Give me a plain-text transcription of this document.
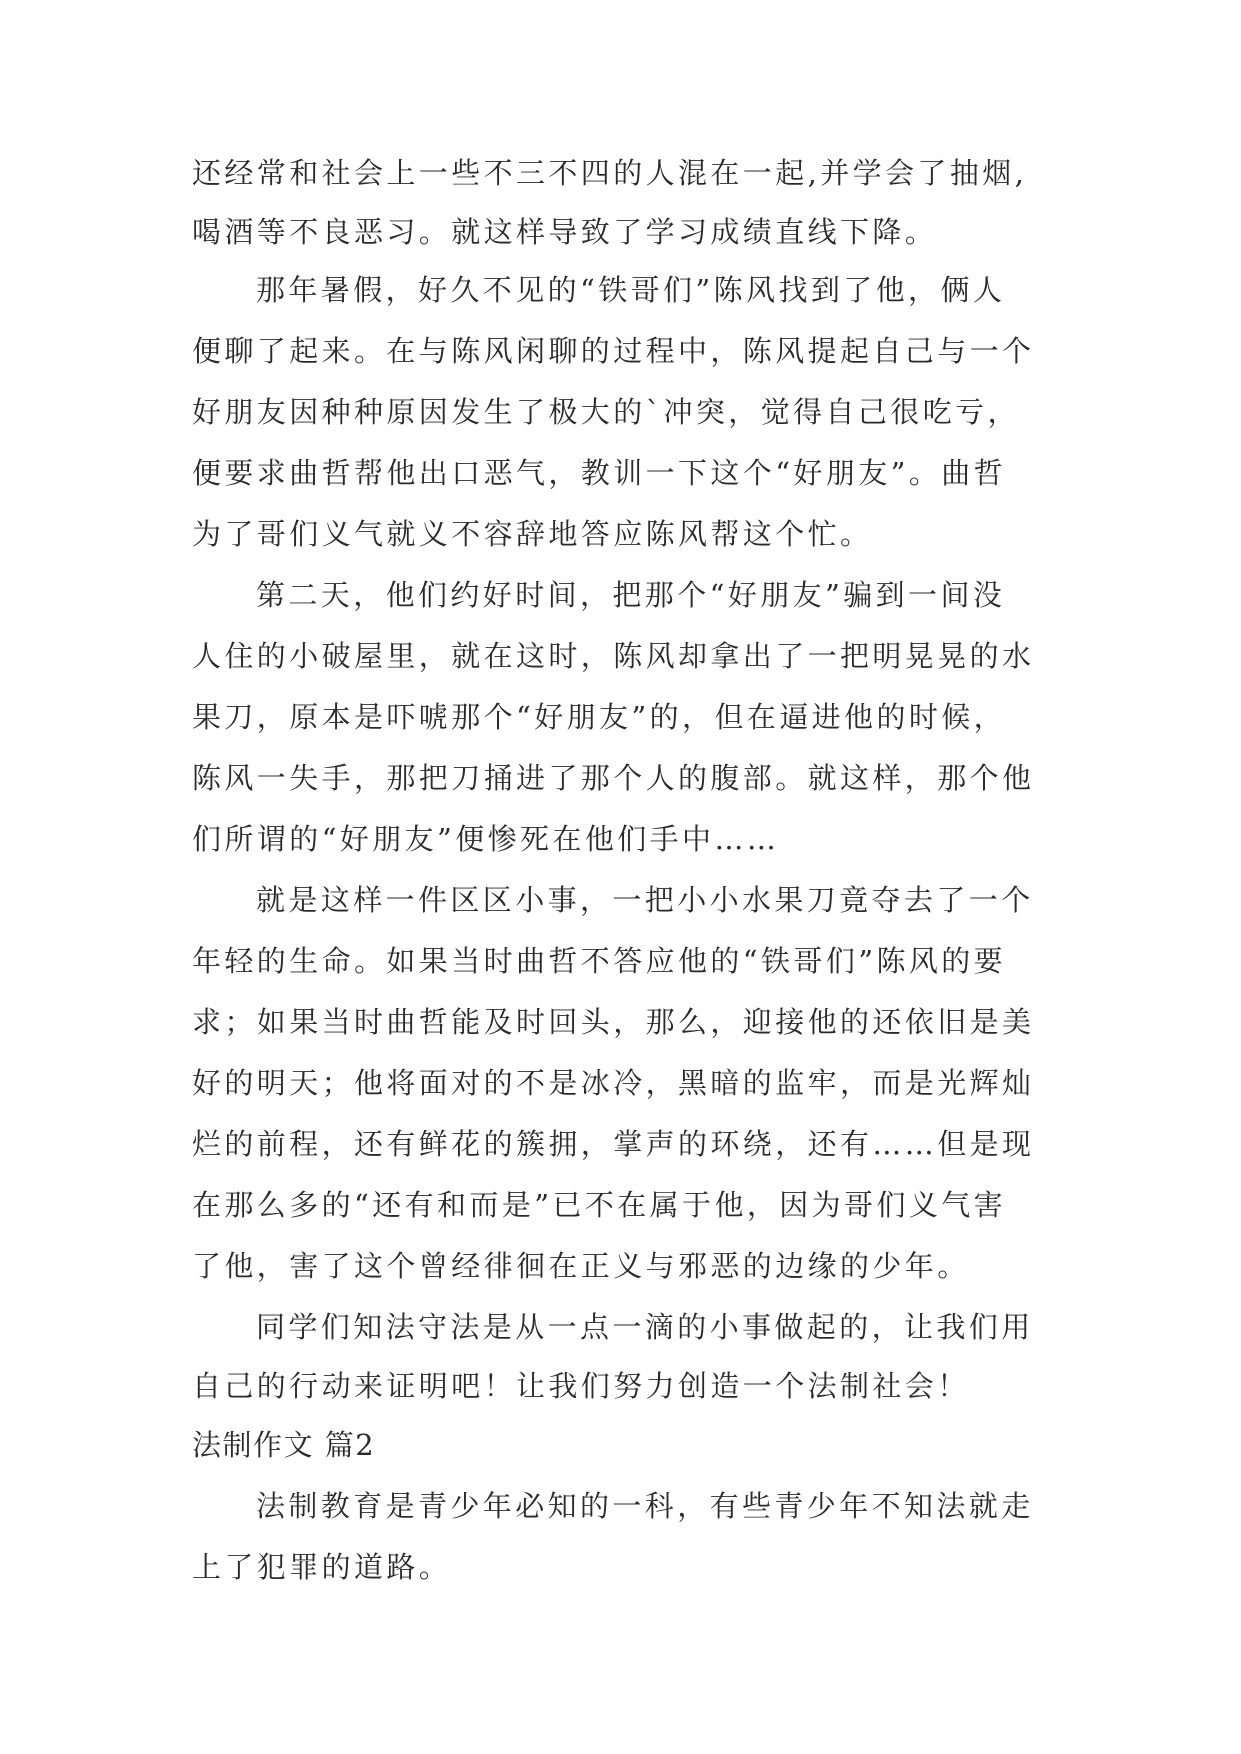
还经常和社会上一些不三不四的人混在一起,并学会了抽烟,
喝酒等不良恶习。就这样导致了学习成绩直线下降。
那年暑假，好久不见的“铁哥们”陈风找到了他，俩人
便聊了起来。在与陈风闲聊的过程中，陈风提起自己与一个
好朋友因种种原因发生了极大的`冲突，觉得自己很吃亏，
便要求曲哲帮他出口恶气，教训一下这个“好朋友”。曲哲
为了哥们义气就义不容辞地答应陈风帮这个忙。
第二天，他们约好时间，把那个“好朋友”骗到一间没
人住的小破屋里，就在这时，陈风却拿出了一把明晃晃的水
果刀，原本是吓唬那个“好朋友”的，但在逼进他的时候，
陈风一失手，那把刀捅进了那个人的腹部。就这样，那个他
们所谓的“好朋友”便惨死在他们手中……
就是这样一件区区小事，一把小小水果刀竟夺去了一个
年轻的生命。如果当时曲哲不答应他的“铁哥们”陈风的要
求；如果当时曲哲能及时回头，那么，迎接他的还依旧是美
好的明天；他将面对的不是冰冷，黑暗的监牢，而是光辉灿
烂的前程，还有鲜花的簇拥，掌声的环绕，还有……但是现
在那么多的“还有和而是”已不在属于他，因为哥们义气害
了他，害了这个曾经徘徊在正义与邪恶的边缘的少年。
同学们知法守法是从一点一滴的小事做起的，让我们用
自己的行动来证明吧！让我们努力创造一个法制社会！
法制作文 篇2
法制教育是青少年必知的一科，有些青少年不知法就走
上了犯罪的道路。
